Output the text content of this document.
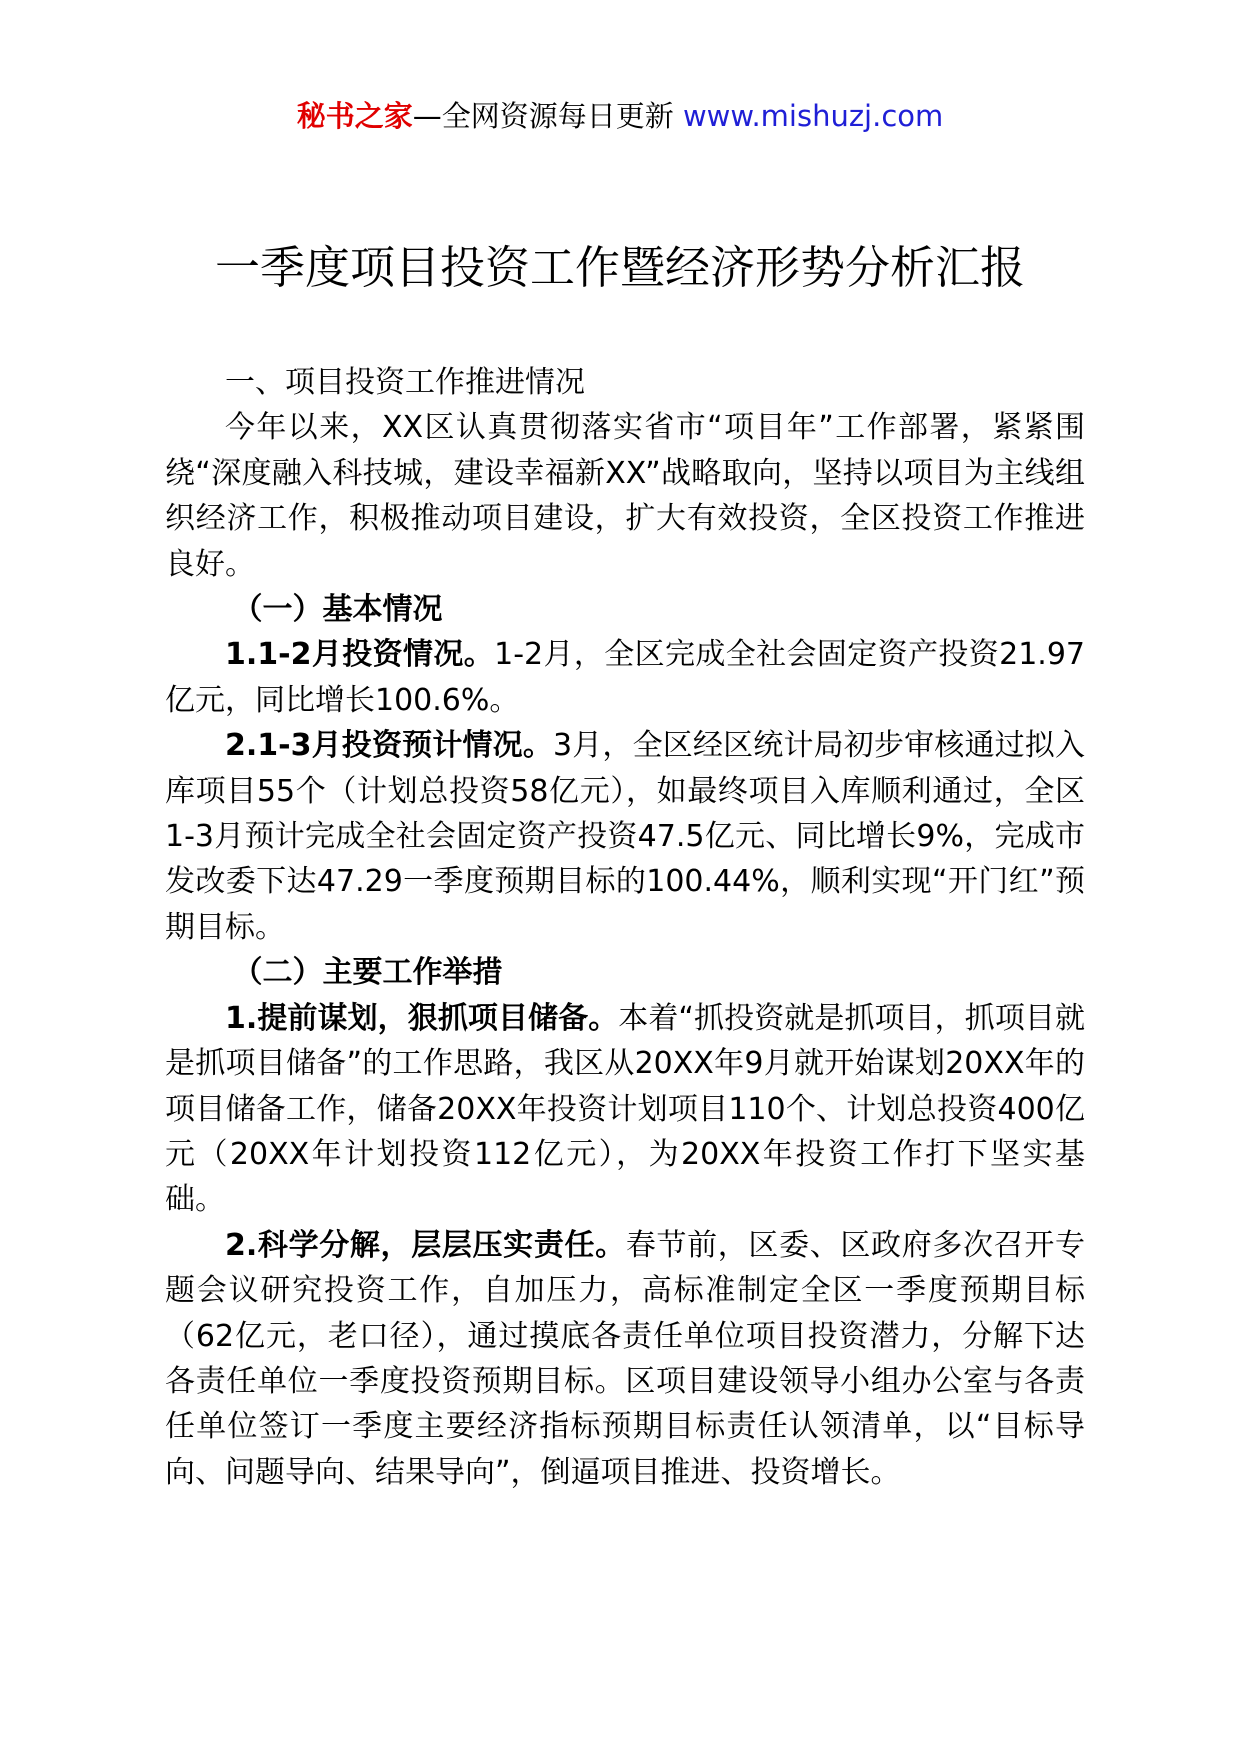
秘书之家—全网资源每日更新 www.mishuzj.com
一季度项目投资工作暨经济形势分析汇报

一、项目投资工作推进情况

今年以来，XX区认真贯彻落实省市“项目年”工作部署，紧紧围绕“深度融入科技城，建设幸福新XX”战略取向，坚持以项目为主线组织经济工作，积极推动项目建设，扩大有效投资，全区投资工作推进良好。

（一）基本情况

1.1-2月投资情况。1-2月，全区完成全社会固定资产投资21.97亿元，同比增长100.6%。

2.1-3月投资预计情况。3月，全区经区统计局初步审核通过拟入库项目55个（计划总投资58亿元），如最终项目入库顺利通过，全区1-3月预计完成全社会固定资产投资47.5亿元、同比增长9%，完成市发改委下达47.29一季度预期目标的100.44%，顺利实现“开门红”预期目标。

（二）主要工作举措

1.提前谋划，狠抓项目储备。本着“抓投资就是抓项目，抓项目就是抓项目储备”的工作思路，我区从20XX年9月就开始谋划20XX年的项目储备工作，储备20XX年投资计划项目110个、计划总投资400亿元（20XX年计划投资112亿元），为20XX年投资工作打下坚实基础。

2.科学分解，层层压实责任。春节前，区委、区政府多次召开专题会议研究投资工作，自加压力，高标准制定全区一季度预期目标（62亿元，老口径），通过摸底各责任单位项目投资潜力，分解下达各责任单位一季度投资预期目标。区项目建设领导小组办公室与各责任单位签订一季度主要经济指标预期目标责任认领清单，以“目标导向、问题导向、结果导向”，倒逼项目推进、投资增长。
